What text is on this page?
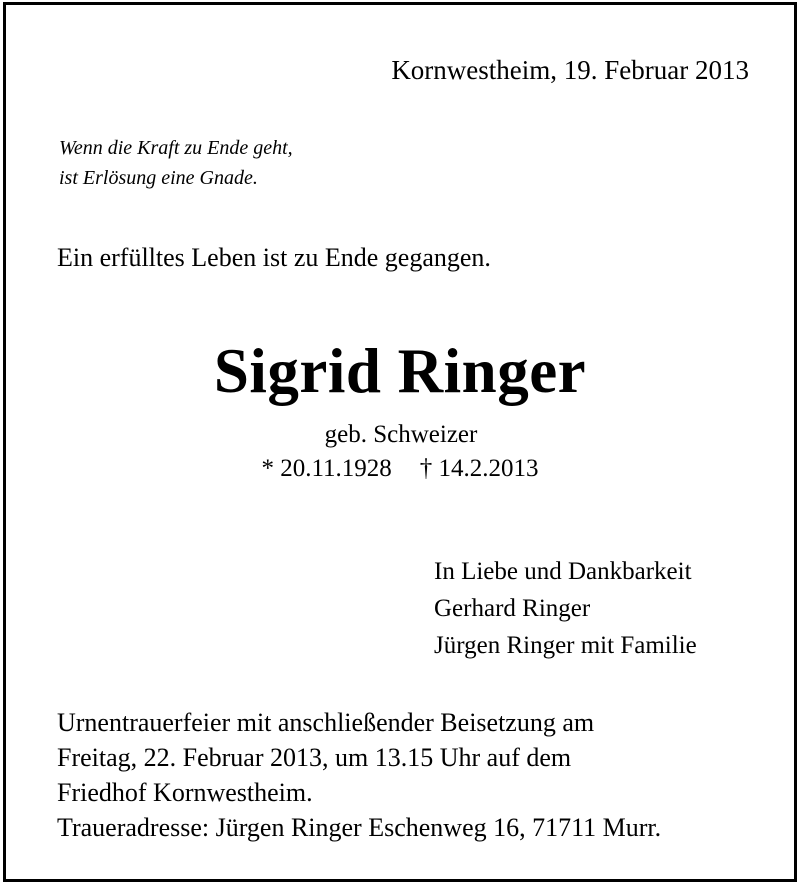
Kornwestheim, 19. Februar 2013
Wenn die Kraft zu Ende geht,
ist Erlösung eine Gnade.
Ein erfülltes Leben ist zu Ende gegangen.
Sigrid Ringer
geb. Schweizer
* 20.11.1928 † 14.2.2013
In Liebe und Dankbarkeit
Gerhard Ringer
Jürgen Ringer mit Familie
Urnentrauerfeier mit anschließender Beisetzung am
Freitag, 22. Februar 2013, um 13.15 Uhr auf dem
Friedhof Kornwestheim.
Traueradresse: Jürgen Ringer Eschenweg 16, 71711 Murr.
